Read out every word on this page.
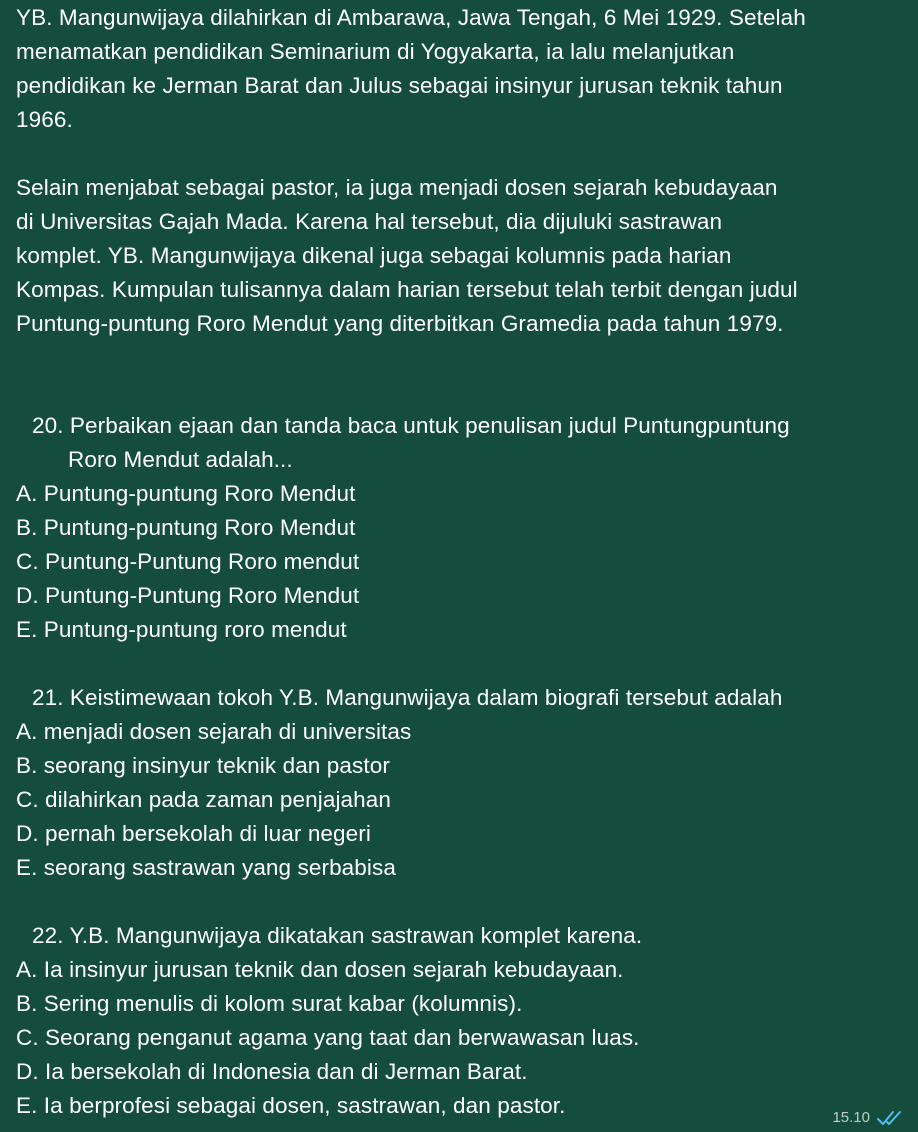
YB. Mangunwijaya dilahirkan di Ambarawa, Jawa Tengah, 6 Mei 1929. Setelah
menamatkan pendidikan Seminarium di Yogyakarta, ia lalu melanjutkan
pendidikan ke Jerman Barat dan Julus sebagai insinyur jurusan teknik tahun
1966.
Selain menjabat sebagai pastor, ia juga menjadi dosen sejarah kebudayaan
di Universitas Gajah Mada. Karena hal tersebut, dia dijuluki sastrawan
komplet. YB. Mangunwijaya dikenal juga sebagai kolumnis pada harian
Kompas. Kumpulan tulisannya dalam harian tersebut telah terbit dengan judul
Puntung-puntung Roro Mendut yang diterbitkan Gramedia pada tahun 1979.
20. Perbaikan ejaan dan tanda baca untuk penulisan judul Puntungpuntung
Roro Mendut adalah...
A. Puntung-puntung Roro Mendut
B. Puntung-puntung Roro Mendut
C. Puntung-Puntung Roro mendut
D. Puntung-Puntung Roro Mendut
E. Puntung-puntung roro mendut
21. Keistimewaan tokoh Y.B. Mangunwijaya dalam biografi tersebut adalah
A. menjadi dosen sejarah di universitas
B. seorang insinyur teknik dan pastor
C. dilahirkan pada zaman penjajahan
D. pernah bersekolah di luar negeri
E. seorang sastrawan yang serbabisa
22. Y.B. Mangunwijaya dikatakan sastrawan komplet karena.
A. Ia insinyur jurusan teknik dan dosen sejarah kebudayaan.
B. Sering menulis di kolom surat kabar (kolumnis).
C. Seorang penganut agama yang taat dan berwawasan luas.
D. Ia bersekolah di Indonesia dan di Jerman Barat.
E. Ia berprofesi sebagai dosen, sastrawan, dan pastor.	15.10
